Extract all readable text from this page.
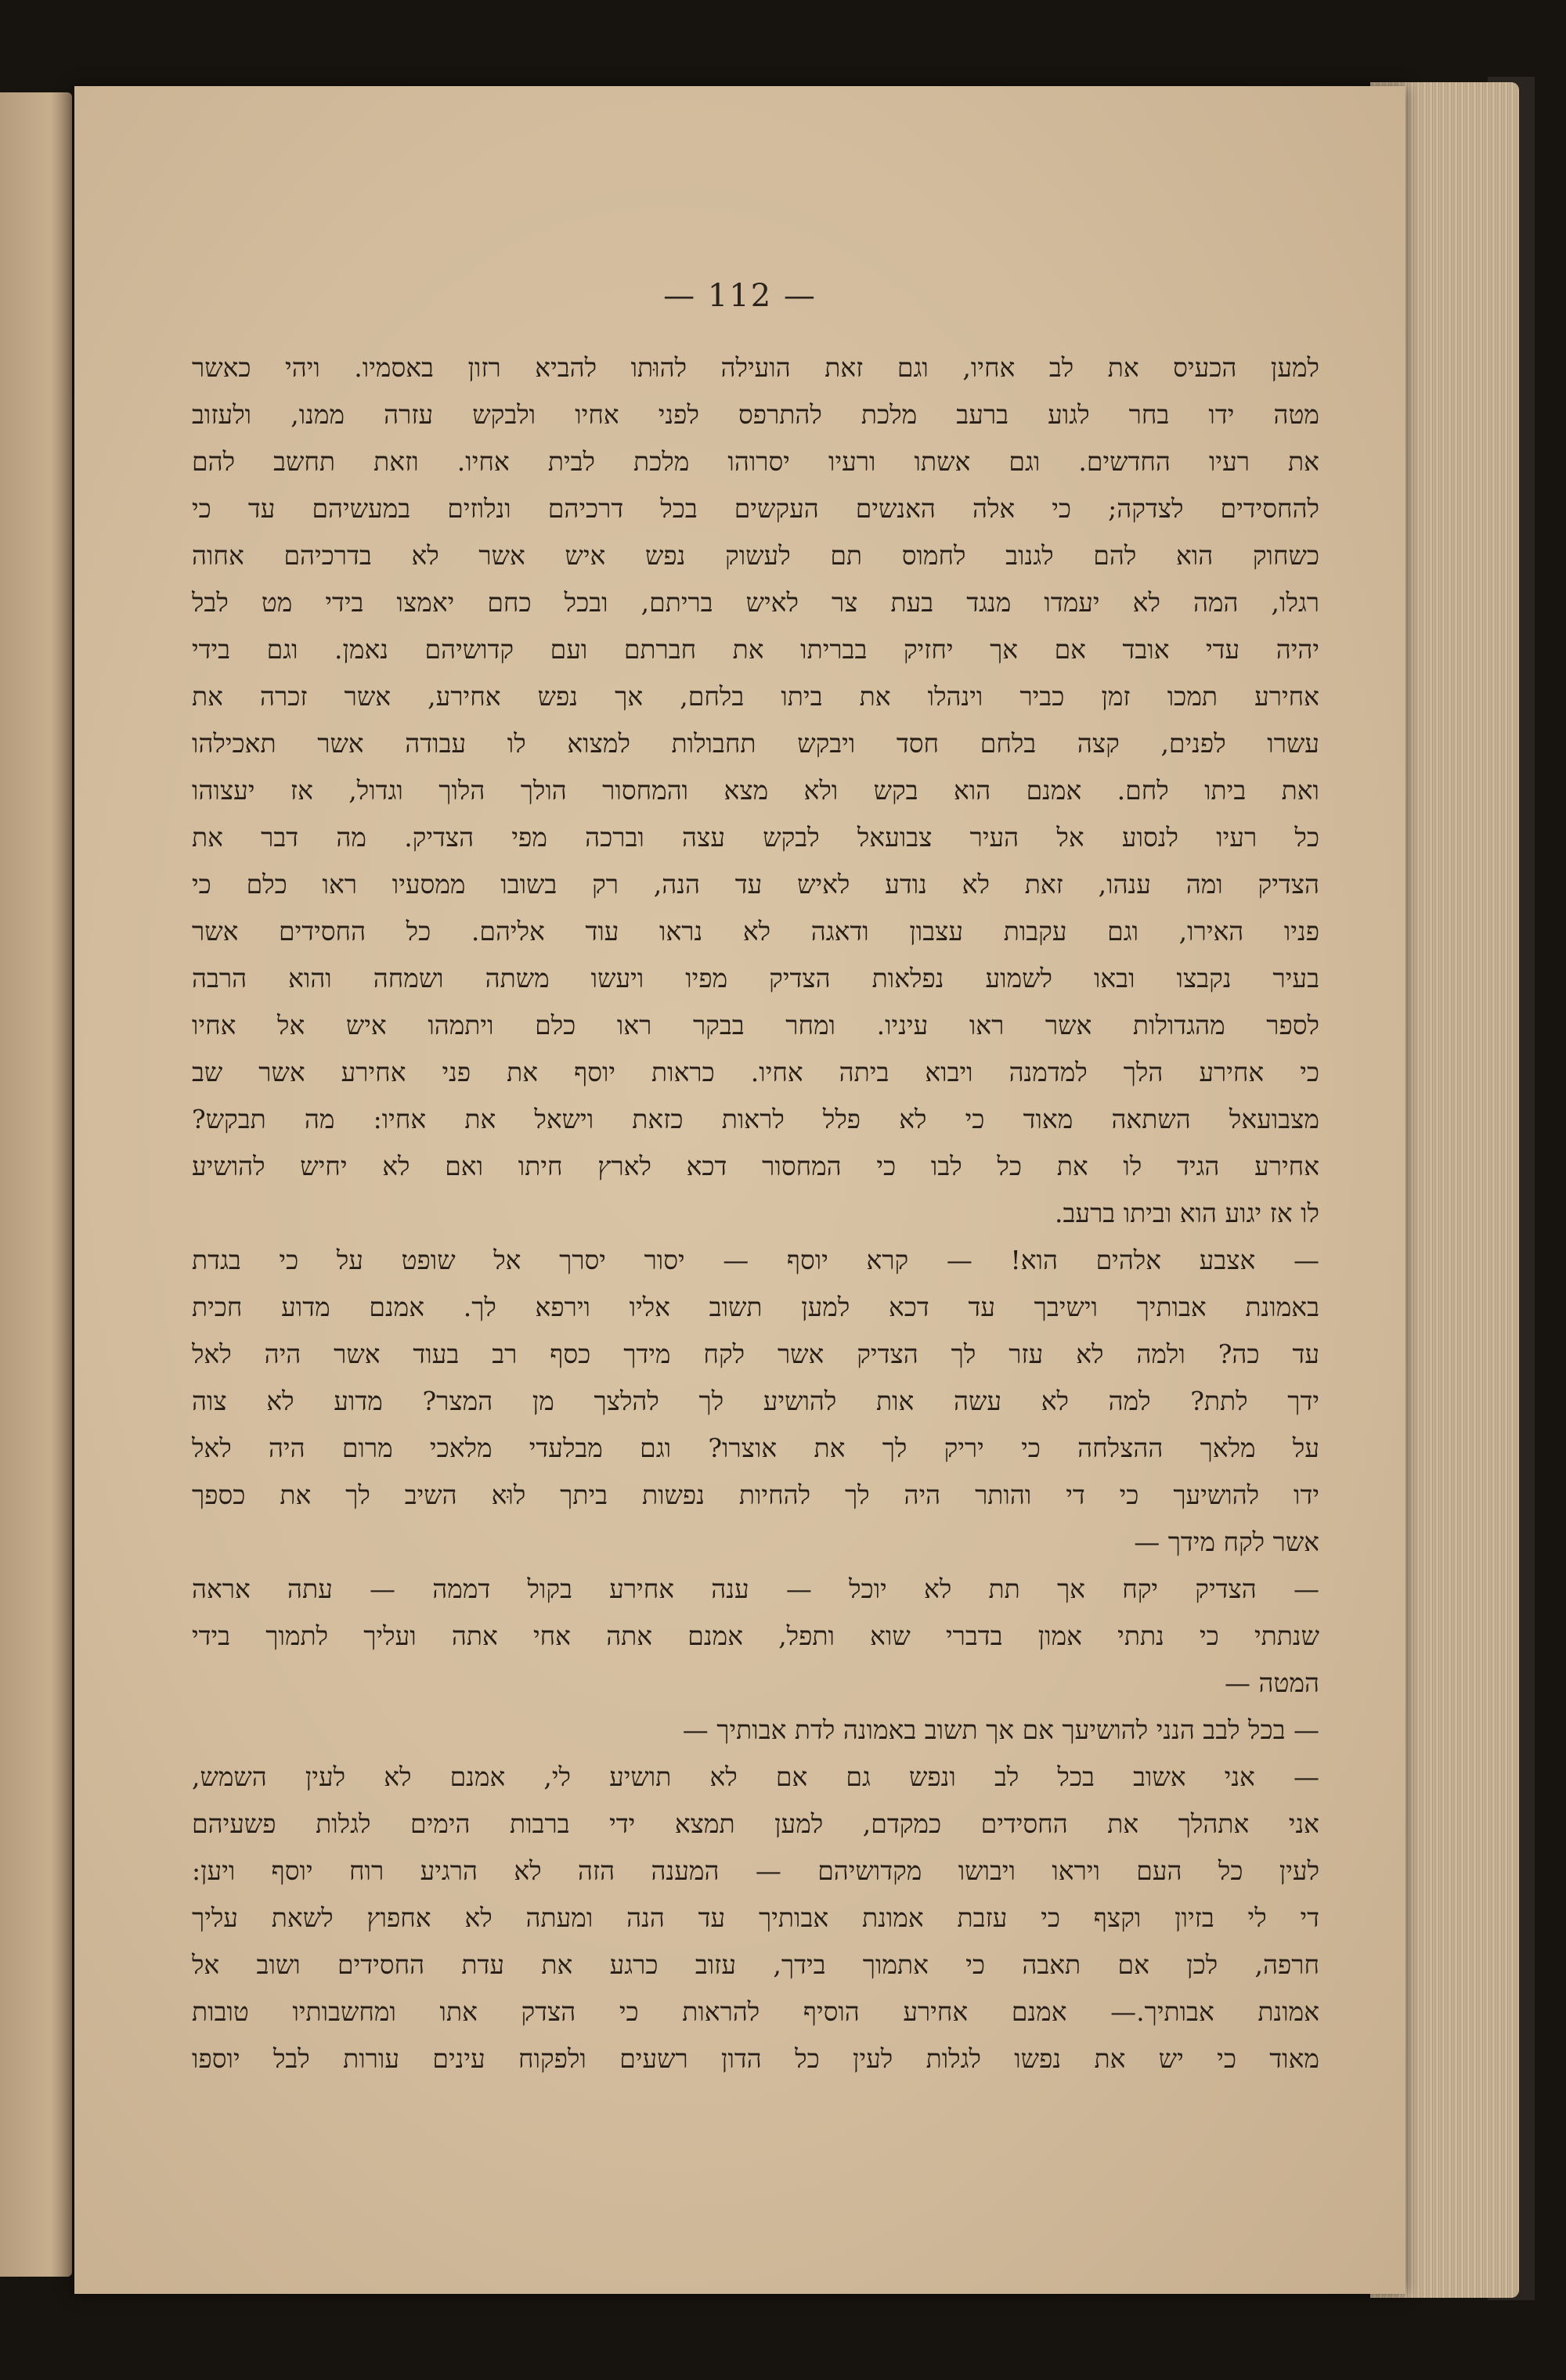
— 112 —
למען הכעיס את לב אחיו, וגם זאת הועילה להוּתו להביא רזון באסמיו. ויהי כאשר
מטה ידו בחר לגוע ברעב מלכת להתרפס לפני אחיו ולבקש עזרה ממנו, ולעזוב
את רעיו החדשים. וגם אשתו ורעיו יסרוהו מלכת לבית אחיו. וזאת תחשב להם
להחסידים לצדקה; כי אלה האנשים העקשים בכל דרכיהם ונלוזים במעשיהם עד כי
כשחוק הוא להם לגנוב לחמוס תם לעשוק נפש איש אשר לא בדרכיהם אחוה
רגלו, המה לא יעמדו מנגד בעת צר לאיש בריתם, ובכל כחם יאמצו בידי מט לבל
יהיה עדי אובד אם אך יחזיק בבריתו את חברתם ועם קדושיהם נאמן. וגם בידי
אחירע תמכו זמן כביר וינהלו את ביתו בלחם, אך נפש אחירע, אשר זכרה את
עשרו לפנים, קצה בלחם חסד ויבקש תחבולות למצוא לו עבודה אשר תאכילהו
ואת ביתו לחם. אמנם הוא בקש ולא מצא והמחסור הולך הלוך וגדול, אז יעצוהו
כל רעיו לנסוע אל העיר צבועאל לבקש עצה וברכה מפי הצדיק. מה דבר את
הצדיק ומה ענהו, זאת לא נודע לאיש עד הנה, רק בשובו ממסעיו ראו כלם כי
פניו האירו, וגם עקבות עצבון ודאגה לא נראו עוד אליהם. כל החסידים אשר
בעיר נקבצו ובאו לשמוע נפלאות הצדיק מפיו ויעשו משתה ושמחה והוא הרבה
לספר מהגדולות אשר ראו עיניו. ומחר בבקר ראו כלם ויתמהו איש אל אחיו
כי אחירע הלך למדמנה ויבוא ביתה אחיו. כראות יוסף את פני אחירע אשר שב
מצבועאל השתאה מאוד כי לא פלל לראות כזאת וישאל את אחיו: מה תבקש?
אחירע הגיד לו את כל לבו כי המחסור דכא לארץ חיתו ואם לא יחיש להושיע
לו אז יגוע הוא וביתו ברעב.
— אצבע אלהים הוא! — קרא יוסף — יסור יסרך אל שופט על כי בגדת
באמונת אבותיך וישיבך עד דכא למען תשוב אליו וירפא לך. אמנם מדוע חכית
עד כה? ולמה לא עזר לך הצדיק אשר לקח מידך כסף רב בעוד אשר היה לאל
ידך לתת? למה לא עשה אות להושיע לך להלצך מן המצר? מדוע לא צוה
על מלאך ההצלחה כי יריק לך את אוצרו? וגם מבלעדי מלאכי מרום היה לאל
ידו להושיעך כי די והותר היה לך להחיות נפשות ביתך לוּא השיב לך את כספך
אשר לקח מידך —
— הצדיק יקח אך תת לא יוכל — ענה אחירע בקול דממה — עתה אראה
שנתתי כי נתתי אמון בדברי שוא ותפל, אמנם אתה אחי אתה ועליך לתמוך בידי
המטה —
— בכל לבב הנני להושיעך אם אך תשוב באמונה לדת אבותיך —
— אני אשוב בכל לב ונפש גם אם לא תושיע לי, אמנם לא לעין השמש,
אני אתהלך את החסידים כמקדם, למען תמצא ידי ברבות הימים לגלות פשעיהם
לעין כל העם ויראו ויבושו מקדושיהם — המענה הזה לא הרגיע רוח יוסף ויען:
די לי בזיון וקצף כי עזבת אמונת אבותיך עד הנה ומעתה לא אחפוץ לשאת עליך
חרפה, לכן אם תאבה כי אתמוך בידך, עזוב כרגע את עדת החסידים ושוב אל
אמונת אבותיך.— אמנם אחירע הוסיף להראות כי הצדק אתו ומחשבותיו טובות
מאוד כי יש את נפשו לגלות לעין כל הדון רשעים ולפקוח עינים עורות לבל יוספו
